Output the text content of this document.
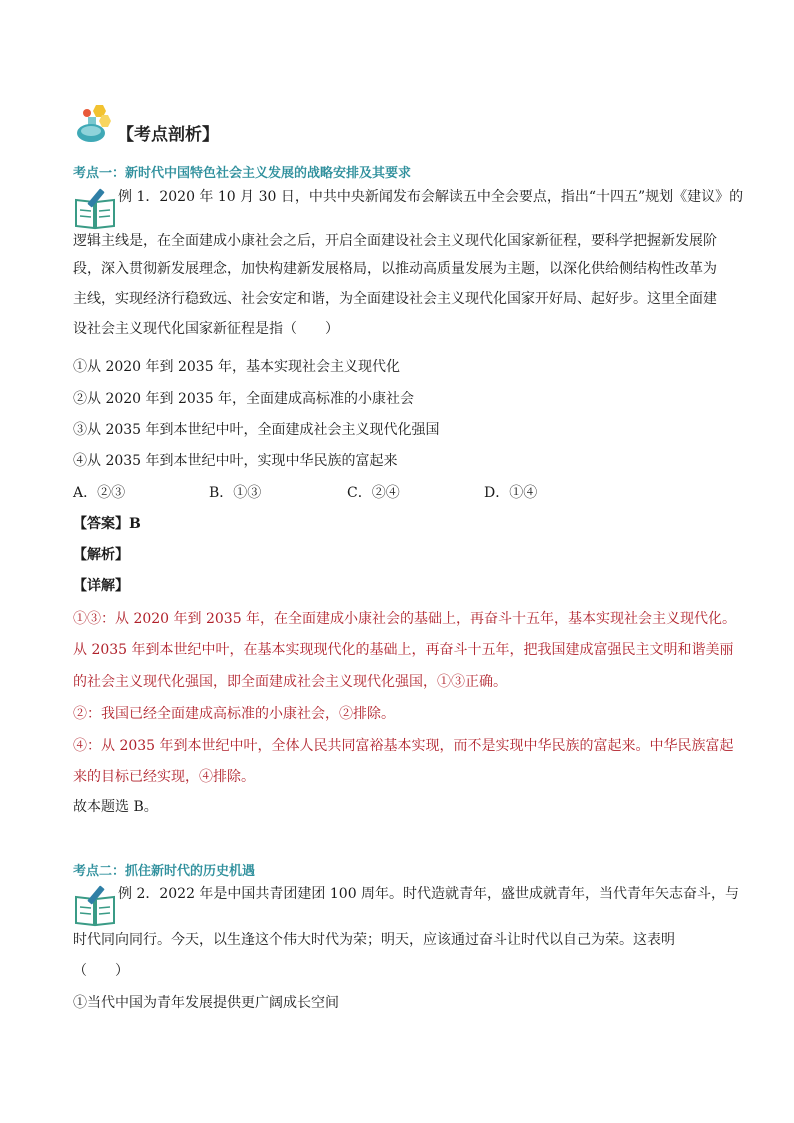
【考点剖析】
考点一：新时代中国特色社会主义发展的战略安排及其要求
例 1．2020 年 10 月 30 日，中共中央新闻发布会解读五中全会要点，指出“十四五”规划《建议》的
逻辑主线是，在全面建成小康社会之后，开启全面建设社会主义现代化国家新征程，要科学把握新发展阶
段，深入贯彻新发展理念，加快构建新发展格局，以推动高质量发展为主题，以深化供给侧结构性改革为
主线，实现经济行稳致远、社会安定和谐，为全面建设社会主义现代化国家开好局、起好步。这里全面建
设社会主义现代化国家新征程是指（　　）
①从 2020 年到 2035 年，基本实现社会主义现代化
②从 2020 年到 2035 年，全面建成高标准的小康社会
③从 2035 年到本世纪中叶，全面建成社会主义现代化强国
④从 2035 年到本世纪中叶，实现中华民族的富起来
A．②③	B．①③	C．②④	D．①④
【答案】B
【解析】
【详解】
①③：从 2020 年到 2035 年，在全面建成小康社会的基础上，再奋斗十五年，基本实现社会主义现代化。
从 2035 年到本世纪中叶，在基本实现现代化的基础上，再奋斗十五年，把我国建成富强民主文明和谐美丽
的社会主义现代化强国，即全面建成社会主义现代化强国，①③正确。
②：我国已经全面建成高标准的小康社会，②排除。
④：从 2035 年到本世纪中叶，全体人民共同富裕基本实现，而不是实现中华民族的富起来。中华民族富起
来的目标已经实现，④排除。
故本题选 B。
考点二：抓住新时代的历史机遇
例 2．2022 年是中国共青团建团 100 周年。时代造就青年，盛世成就青年，当代青年矢志奋斗，与
时代同向同行。今天，以生逢这个伟大时代为荣；明天，应该通过奋斗让时代以自己为荣。这表明
（　　）
①当代中国为青年发展提供更广阔成长空间
